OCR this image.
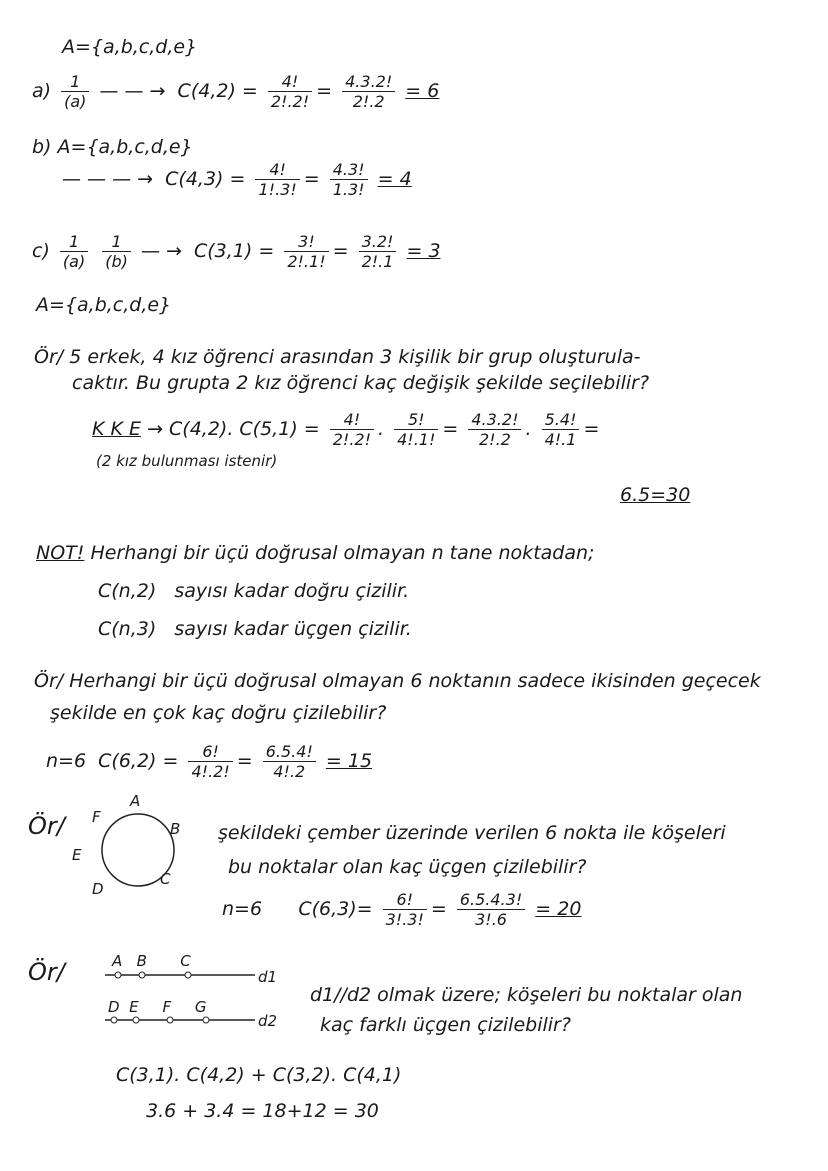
A={a,b,c,d,e}
$a) \frac{1}{(a)}$ — — → $C(4,2) = \frac{4!}{2!.2!} = \frac{4.3.2!}{2!.2} = 6$
b) A={a,b,c,d,e}
— — — → $C(4,3) = \frac{4!}{1!.3!} = \frac{4.3!}{1.3!} = 4$
$c) \frac{1}{(a)}$
$\frac{1}{(b)}$ — → $C(3,1) = \frac{3!}{2!.1!} = \frac{3.2!}{2!.1} = 3$
A={a,b,c,d,e}
Ör/ 5 erkek, 4 kız öğrenci arasından 3 kişilik bir grup oluşturula-
caktır. Bu grupta 2 kız öğrenci kaç değişik şekilde seçilebilir?
K K E → C(4,2). $C(5,1) = \frac{4!}{2!.2!}$ . $\frac{5!}{4!.1!} = \frac{4.3.2!}{2!.2}$ . $\frac{5.4!}{4!.1}$ =
(2 kız bulunması istenir)
6.5=30
NOT! Herhangi bir üçü doğrusal olmayan n tane noktadan;
C(n,2) sayısı kadar doğru çizilir.
C(n,3) sayısı kadar üçgen çizilir.
Ör/ Herhangi bir üçü doğrusal olmayan 6 noktanın sadece ikisinden geçecek
şekilde en çok kaç doğru çizilebilir?
n=6 $C(6,2) = \frac{6!}{4!.2!} = \frac{6.5.4!}{4!.2} = 15$
Ör/
A
B
C
D
E
F
şekildeki çember üzerinde verilen 6 nokta ile köşeleri
bu noktalar olan kaç üçgen çizilebilir?
n=6 $C(6,3)= \frac{6!}{3!.3!} = \frac{6.5.4.3!}{3!.6} = 20$
Ör/	A B C
D E F G
d1
d2
d1//d2 olmak üzere; köşeleri bu noktalar olan
kaç farklı üçgen çizilebilir?
C(3,1). C(4,2) + C(3,2). C(4,1)
3.6 + 3.4 = 18+12 = 30
